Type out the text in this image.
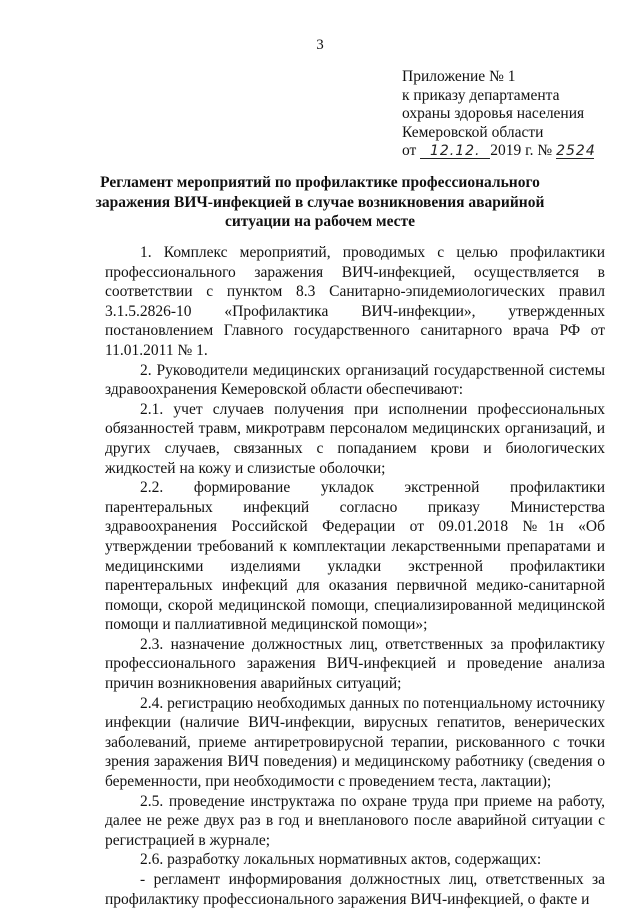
3
Приложение № 1
к приказу департамента
охраны здоровья населения
Кемеровской области
от 12.12. 2019 г. № 2524
Регламент мероприятий по профилактике профессионального заражения ВИЧ-инфекцией в случае возникновения аварийной ситуации на рабочем месте

1. Комплекс мероприятий, проводимых с целью профилактики профессионального заражения ВИЧ-инфекцией, осуществляется в соответствии с пунктом 8.3 Санитарно-эпидемиологических правил 3.1.5.2826-10 «Профилактика ВИЧ-инфекции», утвержденных постановлением Главного государственного санитарного врача РФ от 11.01.2011 № 1.

2. Руководители медицинских организаций государственной системы здравоохранения Кемеровской области обеспечивают:

2.1. учет случаев получения при исполнении профессиональных обязанностей травм, микротравм персоналом медицинских организаций, и других случаев, связанных с попаданием крови и биологических жидкостей на кожу и слизистые оболочки;

2.2. формирование укладок экстренной профилактики парентеральных инфекций согласно приказу Министерства здравоохранения Российской Федерации от 09.01.2018 №1н «Об утверждении требований к комплектации лекарственными препаратами и медицинскими изделиями укладки экстренной профилактики парентеральных инфекций для оказания первичной медико-санитарной помощи, скорой медицинской помощи, специализированной медицинской помощи и паллиативной медицинской помощи»;

2.3. назначение должностных лиц, ответственных за профилактику профессионального заражения ВИЧ-инфекцией и проведение анализа причин возникновения аварийных ситуаций;

2.4. регистрацию необходимых данных по потенциальному источнику инфекции (наличие ВИЧ-инфекции, вирусных гепатитов, венерических заболеваний, приеме антиретровирусной терапии, рискованного с точки зрения заражения ВИЧ поведения) и медицинскому работнику (сведения о беременности, при необходимости с проведением теста, лактации);

2.5. проведение инструктажа по охране труда при приеме на работу, далее не реже двух раз в год и внепланового после аварийной ситуации с регистрацией в журнале;

2.6. разработку локальных нормативных актов, содержащих:

- регламент информирования должностных лиц, ответственных за профилактику профессионального заражения ВИЧ-инфекцией, о факте и
